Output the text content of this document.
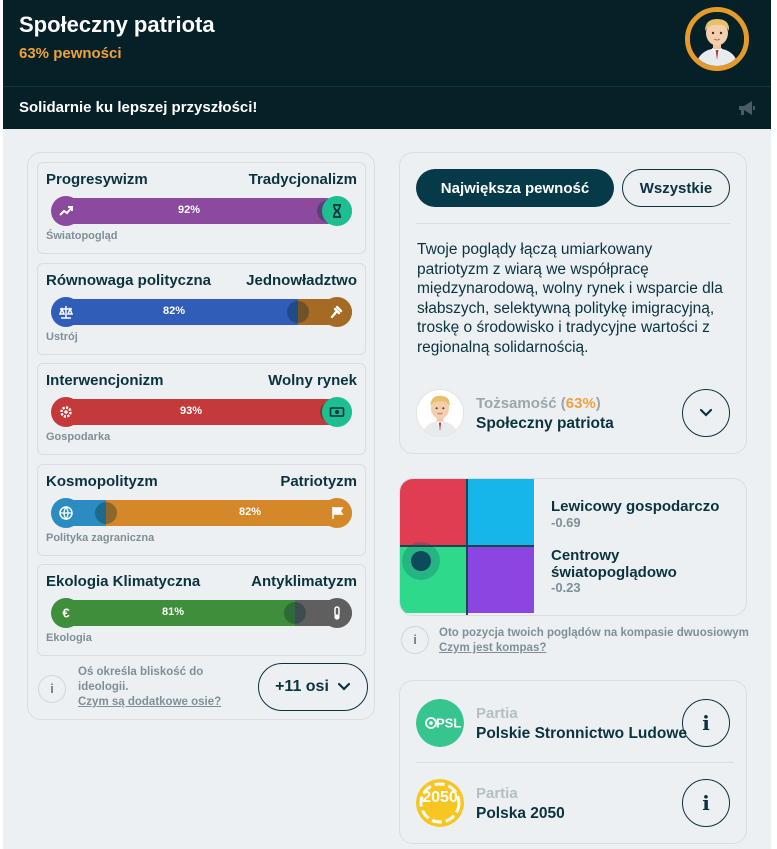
Społeczny patriota
63% pewności
Solidarnie ku lepszej przyszłości!
Progresywizm	Tradycjonalizm
92%
Światopogląd
Równowaga polityczna Jednowładztwo
82%
Ustrój
Interwencjonizm	Wolny rynek
93%
Gospodarka
Kosmopolityzm	Patriotyzm
82%
Polityka zagraniczna
Ekologia Klimatyczna	Antyklimatyzm
81%
€
Ekologia
i
Oś określa bliskość do ideologii.
Czym są dodatkowe osie?
+11 osi
Największa pewność	Wszystkie
Twoje poglądy łączą umiarkowany patriotyzm z wiarą we współpracę międzynarodową, wolny rynek i wsparcie dla słabszych, selektywną politykę imigracyjną, troskę o środowisko i tradycyjne wartości z regionalną solidarnością.
Tożsamość (63%)
Społeczny patriota
Lewicowy gospodarczo
-0.69
Centrowy
światopoglądowo
-0.23
i	Oto pozycja twoich poglądów na kompasie dwuosiowym
Czym jest kompas?
PSL
Partia
Polskie Stronnictwo Ludowe i
2050 Partia
Polska 2050	i
